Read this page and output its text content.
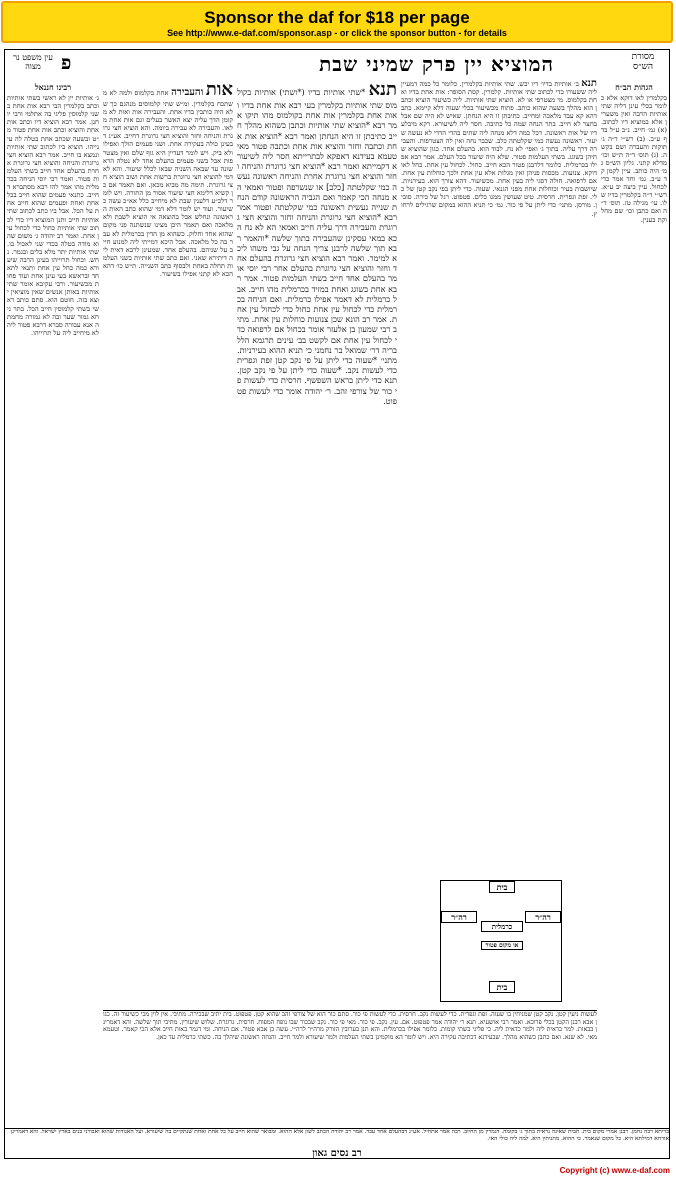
Sponsor the daf for $18 per page
See http://www.e-daf.com/sponsor.asp - or click the sponsor button - for details
מסורת הש״ס
המוציא יין פרק שמיני שבת
פ
עין משפט נר מצוה
הגהות הב״ח

בקלמרין לאו דוקא אלא כלומר בכלי עינן דליה שתי אותיות הרבה ואין משערין אלא במוציא דיו לכתוב. (א) גמ׳ חייב. נ״ב ע״ל בדף ע״ב. (ב) רש״י ד״ה ג׳ תוקות והעברה ושם בקשה. (ג) תוס׳ ד״ה ת״ש וכו׳ מדלא קתני. גליון הש״ס גמ׳ היה כותב. עיין לקמן קד ע״ב. גמ׳ וחד אמר כדי לכחול. עיין ביצה יב ע״א. רש״י ד״ה בקלמרין בדיו שלו. עי׳ מגילה טז. תוס׳ ד״ה ואם כתבן וכו׳ שם מחלוקת בענין.

תנא ב׳ אותיות בדיו׳ דיו יבש. שתי אותיות בקלמרין. כלומר כל כמה דמעיין ליה ששעורו כדי לכתוב שתי אותיות. קלמרין. קסת הסופר: אות אחת בדיו ואחת בקלמוס. מי מצטרפי או לא. הוציא שתי אותיות. ליה כשיעור הוציא וכתבן הוא מהלך בשעה שהוא כותב. פתוח מכשיעור בכלי שעוה דלא קיימא. כתב דהא קא עבד מלאכה ומחייב. כתיבתן זו היא הנחתן. שאיש לא היה שם אבל בחצר לא חייב. בתר הנחה שמה כל כתיבה. חסר ליה לשיעורא. דקא מיבלע דיו של אות ראשונה. דכל כמה דלא מנחה ליה שתים בהדי הדדי לא נעשה שיעור. ראשונה נעשה כמי שקלטתה כלב. שכבר נחה ואין לה הצטרפות. והעבירה דרך עליה. בתוך ג׳ ואפי׳ לא נח. לבוד הוא. בהעלם אחד. כגון שהוציא שתיהן בשוגג. בשתי העלמות פטור. שלא היה שיעור בכל העלם. אמר רבא אפילו בכרמלית. כלומר דלרבנן פטור הכא חייב. כחול. לכחול עין אחת. כחל לאו דוקא. צנועות. מכסות פניהן ואין מגלות אלא עין אחת ולכך כוחלות עין אחת. אם לרפואה. חולה דסגי ליה בעין אחת. מכשיעור. דהא צורך הוא. בעירניות. שיושבות בעיר וכוחלות אחת מפני הגנאי. שעוה. כדי ליתן בפי נקב קטן של כלי. זפת וגפרית. חרסית. טיט שעושין ממנו כלים. פטפוט. רגל של כירה. סובין. מורסן. מתני׳ כדי ליתן על פי כור. גמ׳ כי תניא ההוא במקום שרגילים לרחוץ.

תנא *שתי אותיות בדיו (*ושתי) אותיות בקולמוס שתי אותיות בקלמרין בעי רבא אות אחת בדיו ואות אחת בקלמרין אות אחת בקולמוס מהו תיקו אמר רבא *הוציא שתי אותיות וכתבן כשהוא מהלך חייב כתיבתן זו היא הנחתן ואמר רבא *הוציא אות אחת וכתבה וחזר והוציא אות אחת וכתבה פטור מאי טעמא בעידנא דאפקא לבתרייתא חסר ליה לשיעורא דקמייתא ואמר רבא *הוציא חצי גרוגרת והניחה וחזר והוציא חצי גרוגרת אחרת והניחה ראשונה נעשה כמי שקלטתה [כלב] או שנשרפה ופטור ואמאי הא מנחה הכי קאמר ואם הגביה הראשונה קודם הנחת שנייה נעשית ראשונה כמי שקלטתה ופטור אמר רבא *הוציא חצי גרוגרת והניחה וחזר והוציא חצי גרוגרת והעבירה דרך עליה חייב ואמאי הא לא נח הכא במאי עסקינן שהעבירה בתוך שלשה *והאמר רבא תוך שלשה לרבנן צריך הנחה על גבי משהו ליכא למימר. ואמר רבא הוציא חצי גרוגרת בהעלם אחד וחזר והוציא חצי גרוגרת בהעלם אחר רבי יוסי אומר בהעלם אחד חייב בשתי העלמות פטור. אמר רבא אחת בשוגג ואחת במזיד בכרמלית מהו חייב. אבל כרמלית לא דאמר אפילו כרמלית. ואם הניחה בכרמלית כדי לכחול עין אחת כחול כדי לכחול עין אחת. אמר רב הונא שכן צנועות כוחלות עין אחת. מתיב רבי שמעון בן אלעזר אומר בכחול אם לרפואה כדי לכחול עין אחת אם לקשט בב׳ עינים תרגמא הלל בריה דר׳ שמואל בר נחמני כי תניא ההוא בעירניות. מתני׳ *שעוה כדי ליתן על פי נקב קטן זפת וגפרית כדי לעשות נקב. *שעוה כדי ליתן על פי נקב קטן. תנא כדי ליתן בראש השפשף. חרסית כדי לעשות פי כור של צורפי זהב. ר׳ יהודה אומר כדי לעשות פטפוט.

אות והעבירה אחת בקלמוס ולמה לא משתכח בקלמרין. ומ״ש שתי קלמוסים מנהגם כך שלא היה כותבין בדיו אחת. והעבירה אות ואות לא מקומן הדך עליה יצא האשר בעלים וגם אות אחת מלאו. והעבירה לא עבירה ביומה. והא הוציא חצי גרוגרת והניחה וחזר והוציא חצי גרוגרת דחייב. אע״ג דבעינן כולה בעקירה אחת. ושני פעמים הולך ואפילו ולא ביק. ויש לומר דעדיין היא גוף שלם ואין מצטרפות אבל בשני פעמים בהעלם אחד לא נטלה הראשונה עד שבאה השניה שבאו לכלל שיעור. והא לא דמי להוציא חצי גרוגרת ברשות אחת ושוב הוציא חצי גרוגרת. תימה מה מביא מכאן. ואם תאמר אם כן קשיא דלימא חצי שיעור אסור מן התורה. ויש לומר דלכ״ע דלענין שבת לא מיחייב כלל אא״כ עשה כשיעור. ועוד יש לומר דלא דמי שהוא כתב האות הראשונה ונחלש אבל בהוצאה אי הוציא לשבת ולא מלאכה ואם תאמר היכן מצינו שנשתנה פני מקום שהוא אחד וחלוק. כשהוא מן הדין בכרמלית לא עבר בה כל מלאכה. אבל היכא דמייתי ליה למנוע חייב על שניהם. בהעלם אחד. שמעינן לרבא דאית ליה דיתירא שאני. ואם כתב שתי אותיות בשני העלמות תחלה באחת ולבסוף כתב השנייה. ת״ש כו׳ דהא הכא לא קתני אפילו בשיעור.

רבינו חננאל

ג׳ אותיות יין לא ראשי בשתי אותיות וכתב בקלמרין הבי רבא אות אחת בשני קלמוסין פליגי בה אתלמי ורבי יוחנן. אמר רבא הוציא דיו וכתב אות אחת והוציא וכתב אות אחת פטור מ״ט ובשעה שכתב אחת בטלה לה עינייהו. הוציא ביו לכתוב שתי אותיות ונמצא בו חייב. אמר רבא הוציא חצי גרוגרת והניחה והוציא חצי גרוגרת אחרת בהעלם אחד חייב בשתי העלמות פטור. ואמר רבי יוסי הניחה בכרמלית מהו אמר להו רבא מסתברא דחייב. כתנאי פעמים שהוא חייב בכל אחת ואחת ופעמים שהוא חייב אחת על הכל. אבל ביו כתב לכתוב שתי אותיות חייב ותנן המוציא דיו כדי לכתוב שתי אותיות כחול כדי לכחול עין אחת. ואמר רב יהודה ג׳ משום שהוא מודה בטלה בכדי שני לאכול בו. שתי אותיות יתר מלא בלים ובגמר. נחש. וכחול תרוייהו בעינן הרבה שיעורא כמה כחל עין אחת ותנאי לתא חד ובראשא בעי עינן אחת ועוד פחות מכשיעור. ורבי עקיבא אומר שתי אותיות באותן אנשים שאין מוציאין יוצא בזה. חוטם הוא. סתם כותב ראשי בשתי קלמוסין חייב הכל. בתר ניחא גמור שער ובה לא גמורה מחמתה אנא עבורה סברא דרבא פטור ליה לא מיחייב ליה על תרוייהו.

בית
רה״ר
כרמלית
או מקום פטור
רה״ר
בית
לעשות ניעין קטן. נקב קטן שמניחין בו שעוה. זפת וגפרית. כדי לעשות נקב. חרסית. כדי לעשות פי כור. סתם כור הוא של צורפי זהב שהוא קטן. פטפוט. בית יתיב שבכירה. מתיבי. אין לוין מכי כשיעור זה. כגון אבא רבנן הקטן בכלי פרוכא. ואמר רבי אושעיא. תנא ר׳ יהודה אמר פטפוט. אם. עין. נקב. פי כור. מאי פי כור. נקב שבכור שבו נופח המפוח. חרסית. גרוגרת. שלוש שיעורין. מתיבי תוך שלשה. והא דאמרינן בבאות. למר כדאית ליה ולמר כדאית ליה. כי פליגי בשתי קומות. כלומר אפילו בכרמלית. והא תנן בערובין הזורק מרה״ר לרה״י. עשה כן אבא פטור. אם הניחה. ומי דגמר באות חייב אלא הכי קאמר. וטעמא מאי. לא שנא. ואם כתבן כשהוא מהלך. שבעידנא דכתיבה עקירה היא. ויש לומר הא מוקמינן בשתי העלמות ולמר שיעורא ולמר חייב. והנחה ראשונה שיהלך בה. כשתי כרמלית עד כאן.
בריתא רבה נחמן. רבנן אמרי מקום בית. חבית שאינה נראית בתוך ג׳ בקומה. דגמרין מן החיוב. רבה אמר אתחיל. אע״ג דבהעלם אחד עבד. אמר רב יהודה הכתב לשון אלא ההוא. ומבואר שהוא חייב על כל אחת ואחת שנתקיים בה שיעורא. ועל האגודות שהוא ואבורני בנים בארץ ישראל. והא דאמרינן אורחא דמילתא היא. כל מקום שנאמר. כי ההוא. מתניתין היא. למה ליה כולי האי.
רב נסים גאון
Copyright (c) www.e-daf.com
